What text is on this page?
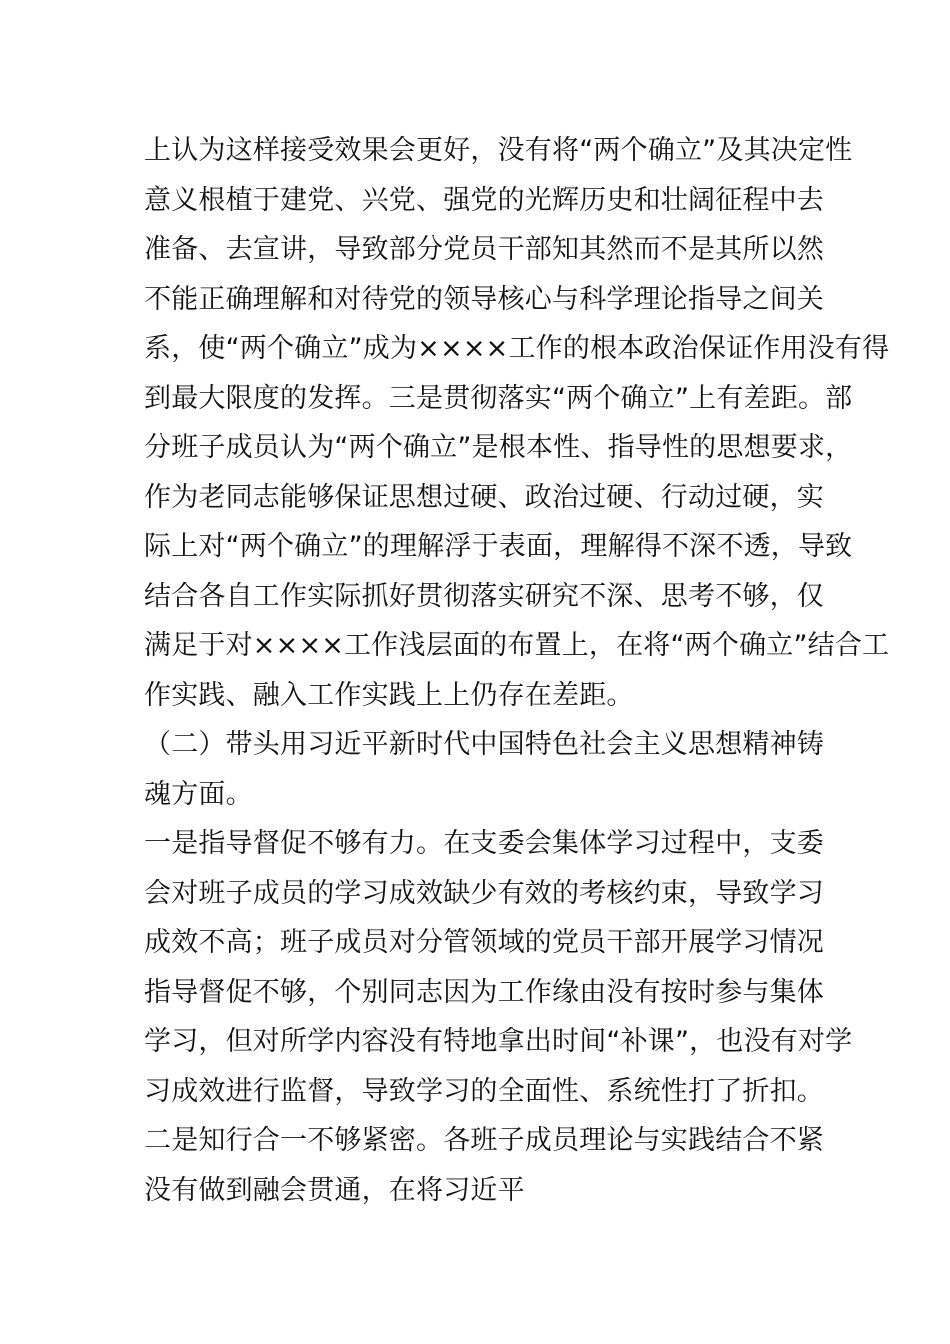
上认为这样接受效果会更好，没有将“两个确立”及其决定性
意义根植于建党、兴党、强党的光辉历史和壮阔征程中去
准备、去宣讲，导致部分党员干部知其然而不是其所以然
不能正确理解和对待党的领导核心与科学理论指导之间关
系，使“两个确立”成为××××工作的根本政治保证作用没有得
到最大限度的发挥。三是贯彻落实“两个确立”上有差距。部
分班子成员认为“两个确立”是根本性、指导性的思想要求，
作为老同志能够保证思想过硬、政治过硬、行动过硬，实
际上对“两个确立”的理解浮于表面，理解得不深不透，导致
结合各自工作实际抓好贯彻落实研究不深、思考不够，仅
满足于对××××工作浅层面的布置上，在将“两个确立”结合工
作实践、融入工作实践上上仍存在差距。
（二）带头用习近平新时代中国特色社会主义思想精神铸
魂方面。
一是指导督促不够有力。在支委会集体学习过程中，支委
会对班子成员的学习成效缺少有效的考核约束，导致学习
成效不高；班子成员对分管领域的党员干部开展学习情况
指导督促不够，个别同志因为工作缘由没有按时参与集体
学习，但对所学内容没有特地拿出时间“补课”，也没有对学
习成效进行监督，导致学习的全面性、系统性打了折扣。
二是知行合一不够紧密。各班子成员理论与实践结合不紧
没有做到融会贯通，在将习近平
